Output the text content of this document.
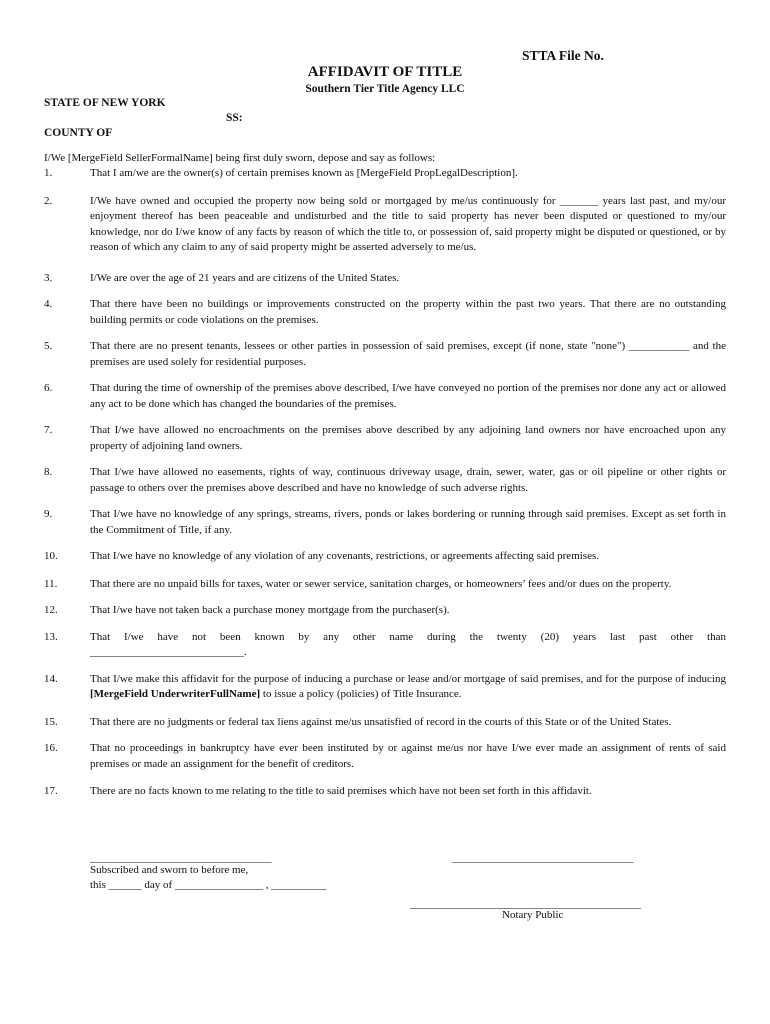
STTA File No.
AFFIDAVIT OF TITLE
Southern Tier Title Agency LLC
STATE OF NEW YORK
SS:
COUNTY OF
I/We [MergeField SellerFormalName] being first duly sworn, depose and say as follows:
1.	That I am/we are the owner(s) of certain premises known as [MergeField PropLegalDescription].
2.	I/We have owned and occupied the property now being sold or mortgaged by me/us continuously for _______ years last past, and my/our enjoyment thereof has been peaceable and undisturbed and the title to said property has never been disputed or questioned to my/our knowledge, nor do I/we know of any facts by reason of which the title to, or possession of, said property might be disputed or questioned, or by reason of which any claim to any of said property might be asserted adversely to me/us.
3.	I/We are over the age of 21 years and are citizens of the United States.
4.	That there have been no buildings or improvements constructed on the property within the past two years. That there are no outstanding building permits or code violations on the premises.
5.	That there are no present tenants, lessees or other parties in possession of said premises, except (if none, state "none") ___________ and the premises are used solely for residential purposes.
6.	That during the time of ownership of the premises above described, I/we have conveyed no portion of the premises nor done any act or allowed any act to be done which has changed the boundaries of the premises.
7.	That I/we have allowed no encroachments on the premises above described by any adjoining land owners nor have encroached upon any property of adjoining land owners.
8.	That I/we have allowed no easements, rights of way, continuous driveway usage, drain, sewer, water, gas or oil pipeline or other rights or passage to others over the premises above described and have no knowledge of such adverse rights.
9.	That I/we have no knowledge of any springs, streams, rivers, ponds or lakes bordering or running through said premises. Except as set forth in the Commitment of Title, if any.
10.	That I/we have no knowledge of any violation of any covenants, restrictions, or agreements affecting said premises.
11.	That there are no unpaid bills for taxes, water or sewer service, sanitation charges, or homeowners’ fees and/or dues on the property.
12.	That I/we have not taken back a purchase money mortgage from the purchaser(s).
13.	That I/we have not been known by any other name during the twenty (20) years last past other than
____________________________.
14.	That I/we make this affidavit for the purpose of inducing a purchase or lease and/or mortgage of said premises, and for the purpose of inducing [MergeField UnderwriterFullName] to issue a policy (policies) of Title Insurance.
15.	That there are no judgments or federal tax liens against me/us unsatisfied of record in the courts of this State or of the United States.
16.	That no proceedings in bankruptcy have ever been instituted by or against me/us nor have I/we ever made an assignment of rents of said premises or made an assignment for the benefit of creditors.
17.	There are no facts known to me relating to the title to said premises which have not been set forth in this affidavit.
_________________________________
Subscribed and sworn to before me,
this ______ day of ________________ , __________
_________________________________
__________________________________________
Notary Public
